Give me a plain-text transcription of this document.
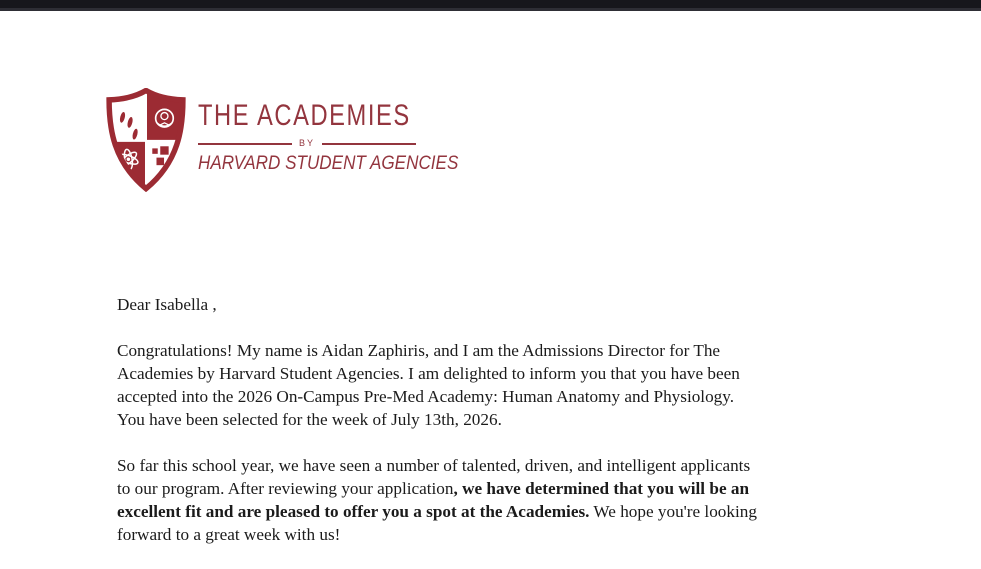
THE ACADEMIES
BY
HARVARD STUDENT AGENCIES
Dear Isabella ,
Congratulations! My name is Aidan Zaphiris, and I am the Admissions Director for The
Academies by Harvard Student Agencies. I am delighted to inform you that you have been
accepted into the 2026 On-Campus Pre-Med Academy: Human Anatomy and Physiology.
You have been selected for the week of July 13th, 2026.
So far this school year, we have seen a number of talented, driven, and intelligent applicants
to our program. After reviewing your application, we have determined that you will be an
excellent fit and are pleased to offer you a spot at the Academies. We hope you're looking
forward to a great week with us!
